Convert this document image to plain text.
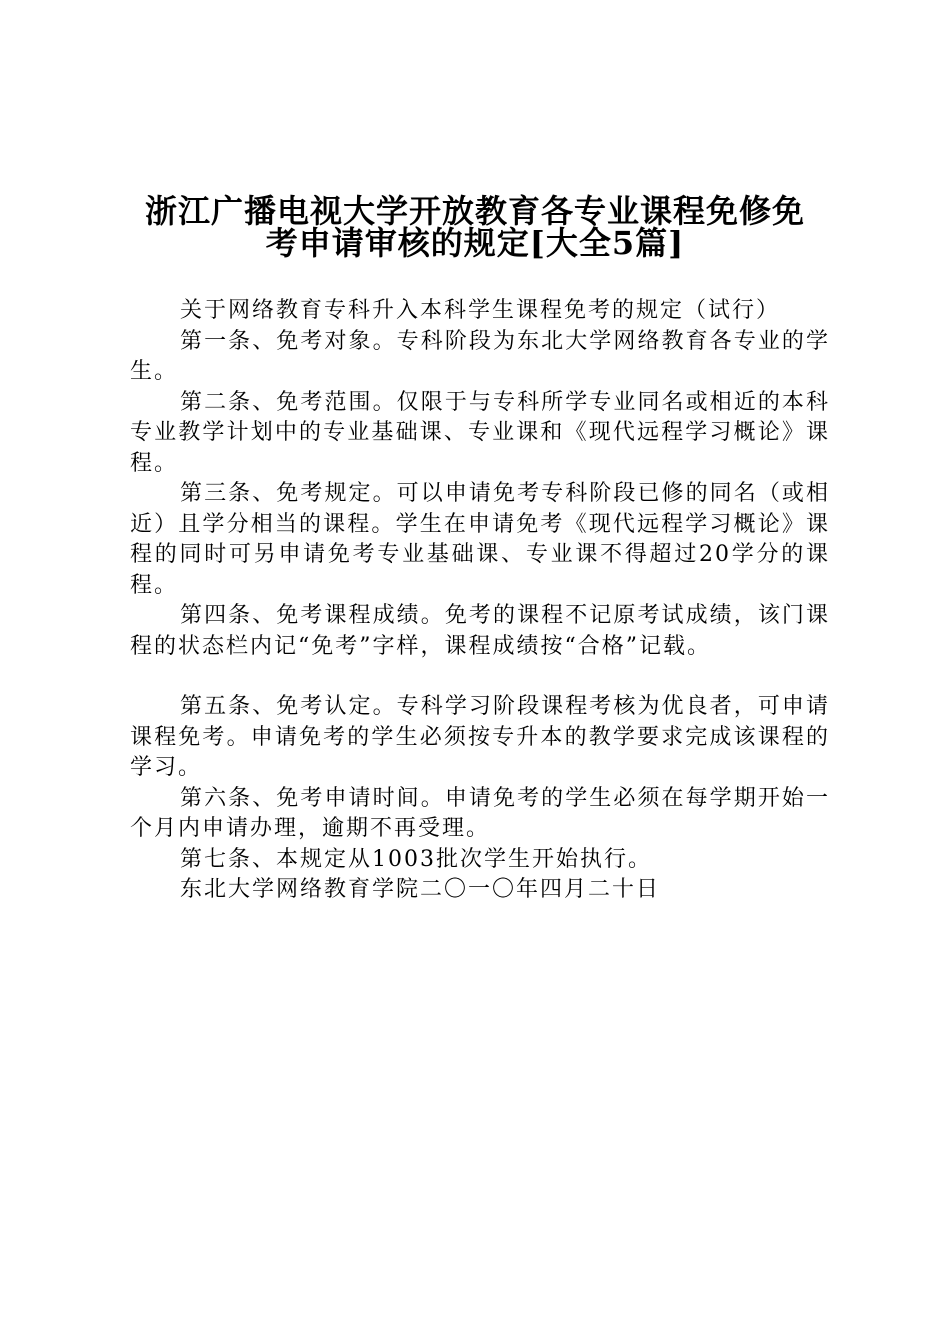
浙江广播电视大学开放教育各专业课程免修免
考申请审核的规定[大全5篇]

关于网络教育专科升入本科学生课程免考的规定（试行）

第一条、免考对象。专科阶段为东北大学网络教育各专业的学生。

第二条、免考范围。仅限于与专科所学专业同名或相近的本科专业教学计划中的专业基础课、专业课和《现代远程学习概论》课程。

第三条、免考规定。可以申请免考专科阶段已修的同名（或相近）且学分相当的课程。学生在申请免考《现代远程学习概论》课程的同时可另申请免考专业基础课、专业课不得超过20学分的课程。

第四条、免考课程成绩。免考的课程不记原考试成绩，该门课程的状态栏内记“免考”字样，课程成绩按“合格”记载。

第五条、免考认定。专科学习阶段课程考核为优良者，可申请课程免考。申请免考的学生必须按专升本的教学要求完成该课程的学习。

第六条、免考申请时间。申请免考的学生必须在每学期开始一个月内申请办理，逾期不再受理。

第七条、本规定从1003批次学生开始执行。

东北大学网络教育学院二〇一〇年四月二十日
